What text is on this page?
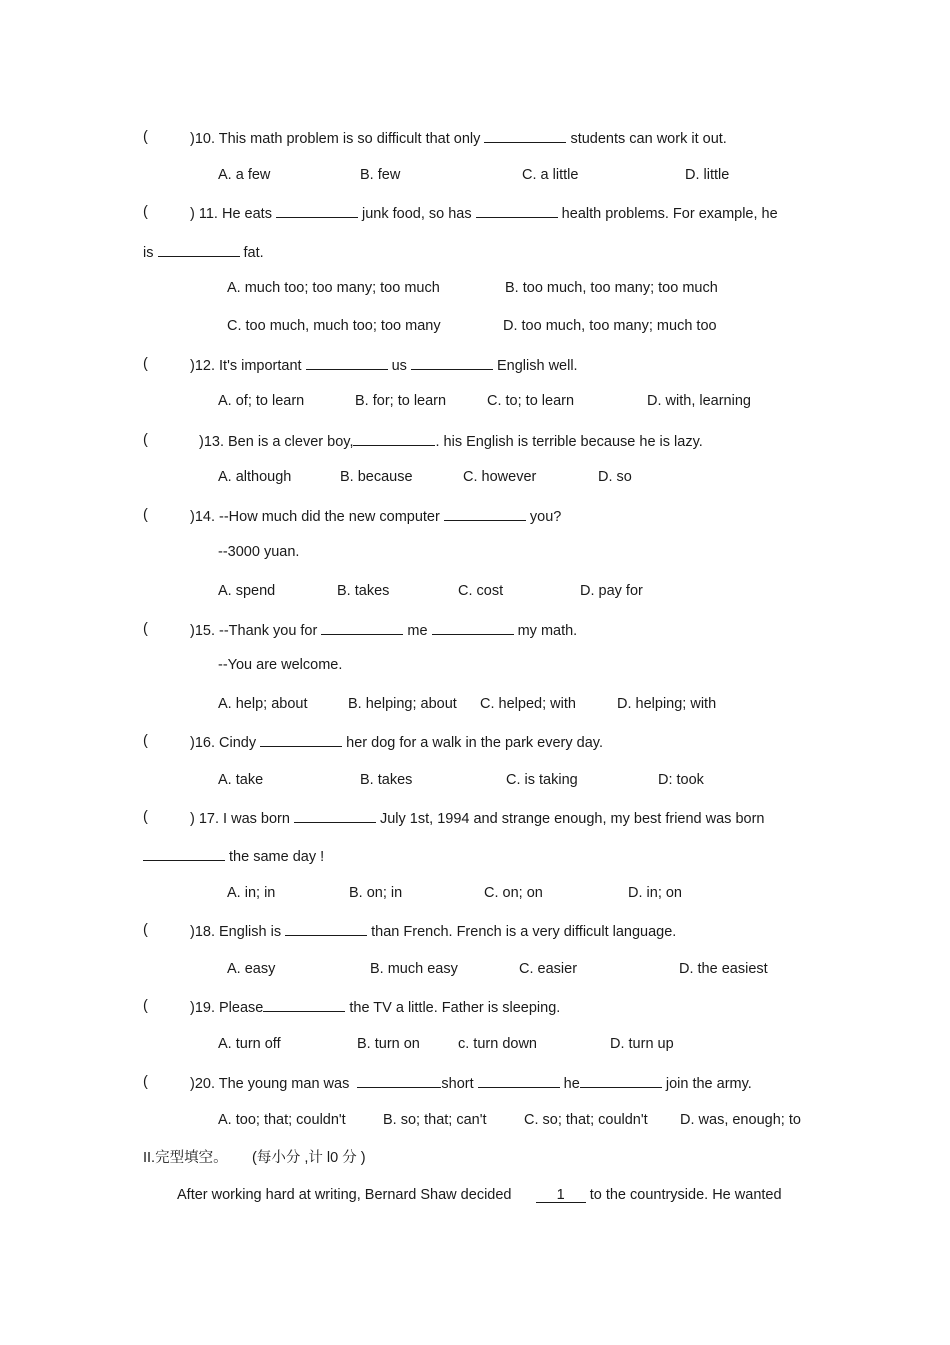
(	)10. This math problem is so difficult that only	students can work it out.
A. a few	B. few	C. a little	D. little
(	) 11. He eats	junk food, so has	health problems. For example, he
is	fat.
A. much too; too many; too much	B. too much, too many; too much
C. too much, much too; too many	D. too much, too many; much too
(	)12. It's important	us	English well.
A. of; to learn	B. for; to learn	C. to; to learn	D. with, learning
(	)13. Ben is a clever boy,	. his English is terrible because he is lazy.
A. although	B. because	C. however	D. so
(	)14. --How much did the new computer	you?
--3000 yuan.
A. spend	B. takes	C. cost	D. pay for
(	)15. --Thank you for	me	my math.
--You are welcome.
A. help; about	B. helping; about C. helped; with	D. helping; with
(	)16. Cindy	her dog for a walk in the park every day.
A. take	B. takes	C. is taking	D: took
(	) 17. I was born	July 1st, 1994 and strange enough, my best friend was born
the same day !
A. in; in	B. on; in	C. on; on	D. in; on
(	)18. English is	than French. French is a very difficult language.
A. easy	B. much easy	C. easier	D. the easiest
(	)19. Please	the TV a little. Father is sleeping.
A. turn off	B. turn on	c. turn down	D. turn up
(	)20. The young man was	short	he	join the army.
A. too; that; couldn't	B. so; that; can't	C. so; that; couldn't D. was, enough; to
II.完型填空。 (每小分 ,计 l0 分 )
After working hard at writing, Bernard Shaw decided	1 to the countryside. He wanted
